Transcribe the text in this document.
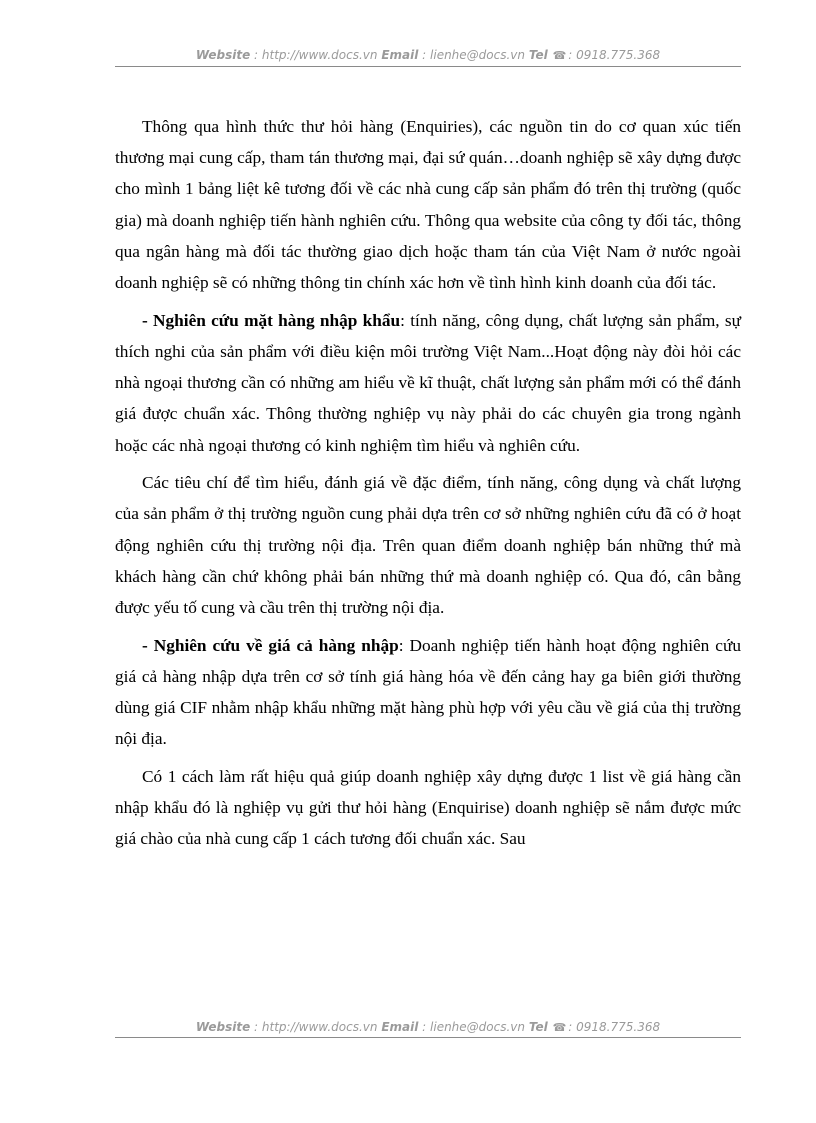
Website : http://www.docs.vn Email : lienhe@docs.vn Tel ☎ : 0918.775.368

Thông qua hình thức thư hỏi hàng (Enquiries), các nguồn tin do cơ quan xúc tiến thương mại cung cấp, tham tán thương mại, đại sứ quán…doanh nghiệp sẽ xây dựng được cho mình 1 bảng liệt kê tương đối về các nhà cung cấp sản phẩm đó trên thị trường (quốc gia) mà doanh nghiệp tiến hành nghiên cứu. Thông qua website của công ty đối tác, thông qua ngân hàng mà đối tác thường giao dịch hoặc tham tán của Việt Nam ở nước ngoài doanh nghiệp sẽ có những thông tin chính xác hơn về tình hình kinh doanh của đối tác.

- Nghiên cứu mặt hàng nhập khẩu: tính năng, công dụng, chất lượng sản phẩm, sự thích nghi của sản phẩm với điều kiện môi trường Việt Nam...Hoạt động này đòi hỏi các nhà ngoại thương cần có những am hiểu về kĩ thuật, chất lượng sản phẩm mới có thể đánh giá được chuẩn xác. Thông thường nghiệp vụ này phải do các chuyên gia trong ngành hoặc các nhà ngoại thương có kinh nghiệm tìm hiểu và nghiên cứu.

Các tiêu chí để tìm hiểu, đánh giá về đặc điểm, tính năng, công dụng và chất lượng của sản phẩm ở thị trường nguồn cung phải dựa trên cơ sở những nghiên cứu đã có ở hoạt động nghiên cứu thị trường nội địa. Trên quan điểm doanh nghiệp bán những thứ mà khách hàng cần chứ không phải bán những thứ mà doanh nghiệp có. Qua đó, cân bằng được yếu tố cung và cầu trên thị trường nội địa.

- Nghiên cứu về giá cả hàng nhập: Doanh nghiệp tiến hành hoạt động nghiên cứu giá cả hàng nhập dựa trên cơ sở tính giá hàng hóa về đến cảng hay ga biên giới thường dùng giá CIF nhằm nhập khẩu những mặt hàng phù hợp với yêu cầu về giá của thị trường nội địa.

Có 1 cách làm rất hiệu quả giúp doanh nghiệp xây dựng được 1 list về giá hàng cần nhập khẩu đó là nghiệp vụ gửi thư hỏi hàng (Enquirise) doanh nghiệp sẽ nắm được mức giá chào của nhà cung cấp 1 cách tương đối chuẩn xác. Sau

Website : http://www.docs.vn Email : lienhe@docs.vn Tel ☎ : 0918.775.368
